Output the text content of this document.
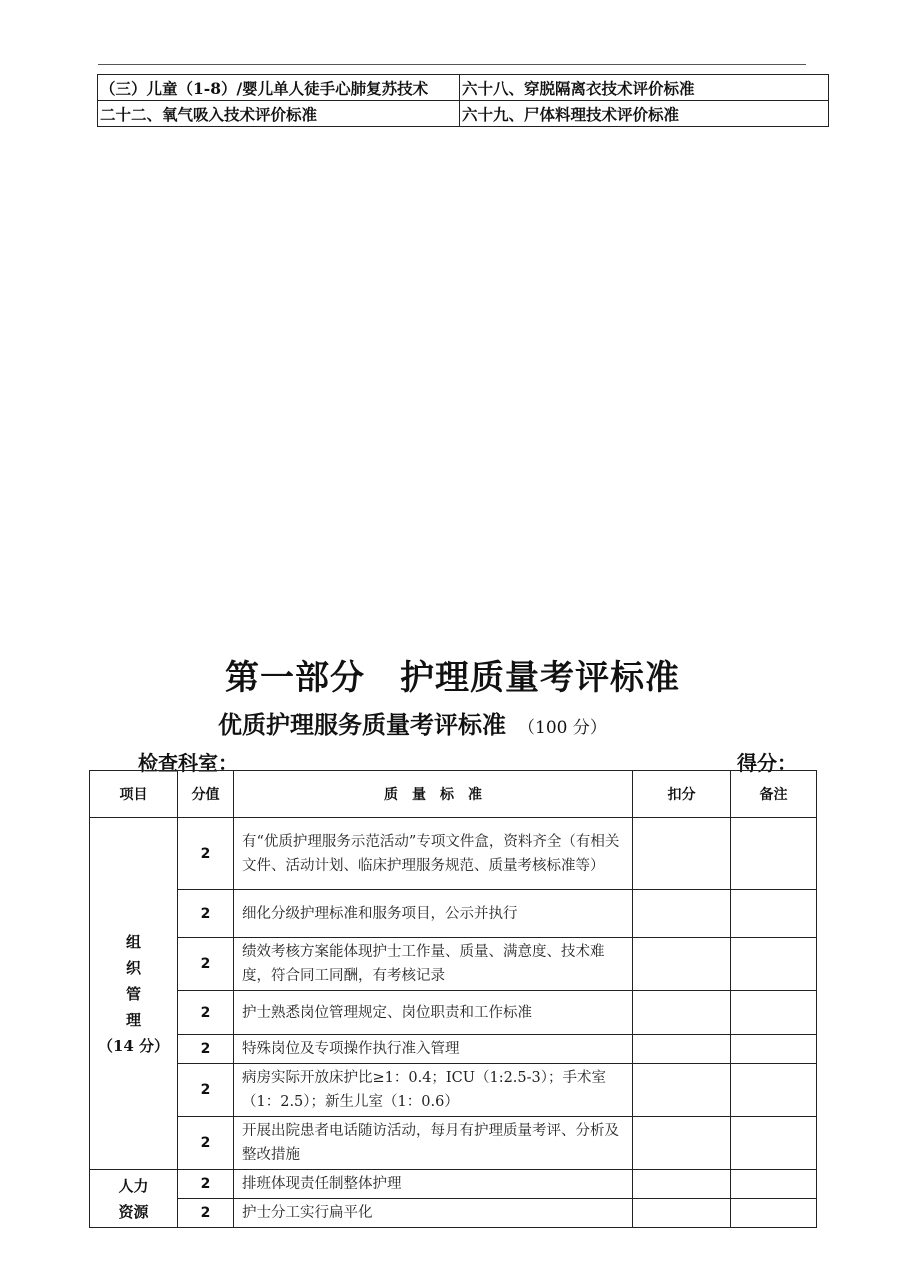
（三）儿童（1-8）/婴儿单人徒手心肺复苏技术	六十八、穿脱隔离衣技术评价标准
二十二、氧气吸入技术评价标准	六十九、尸体料理技术评价标准
第一部分　护理质量考评标准
优质护理服务质量考评标准 （100 分）
检查科室：	得分：
项目	分值	质　量　标　准	扣分	备注

组
织
管
理
（14 分）	2	有“优质护理服务示范活动”专项文件盒，资料齐全（有相关文件、活动计划、临床护理服务规范、质量考核标准等）		
	2	细化分级护理标准和服务项目，公示并执行		
	2	绩效考核方案能体现护士工作量、质量、满意度、技术难度，符合同工同酬，有考核记录		
	2	护士熟悉岗位管理规定、岗位职责和工作标准		
	2	特殊岗位及专项操作执行准入管理		
	2	病房实际开放床护比≥1：0.4；ICU（1:2.5-3）；手术室（1：2.5）；新生儿室（1：0.6）		
	2	开展出院患者电话随访活动，每月有护理质量考评、分析及整改措施		

人力
资源	2	排班体现责任制整体护理		
	2	护士分工实行扁平化		
